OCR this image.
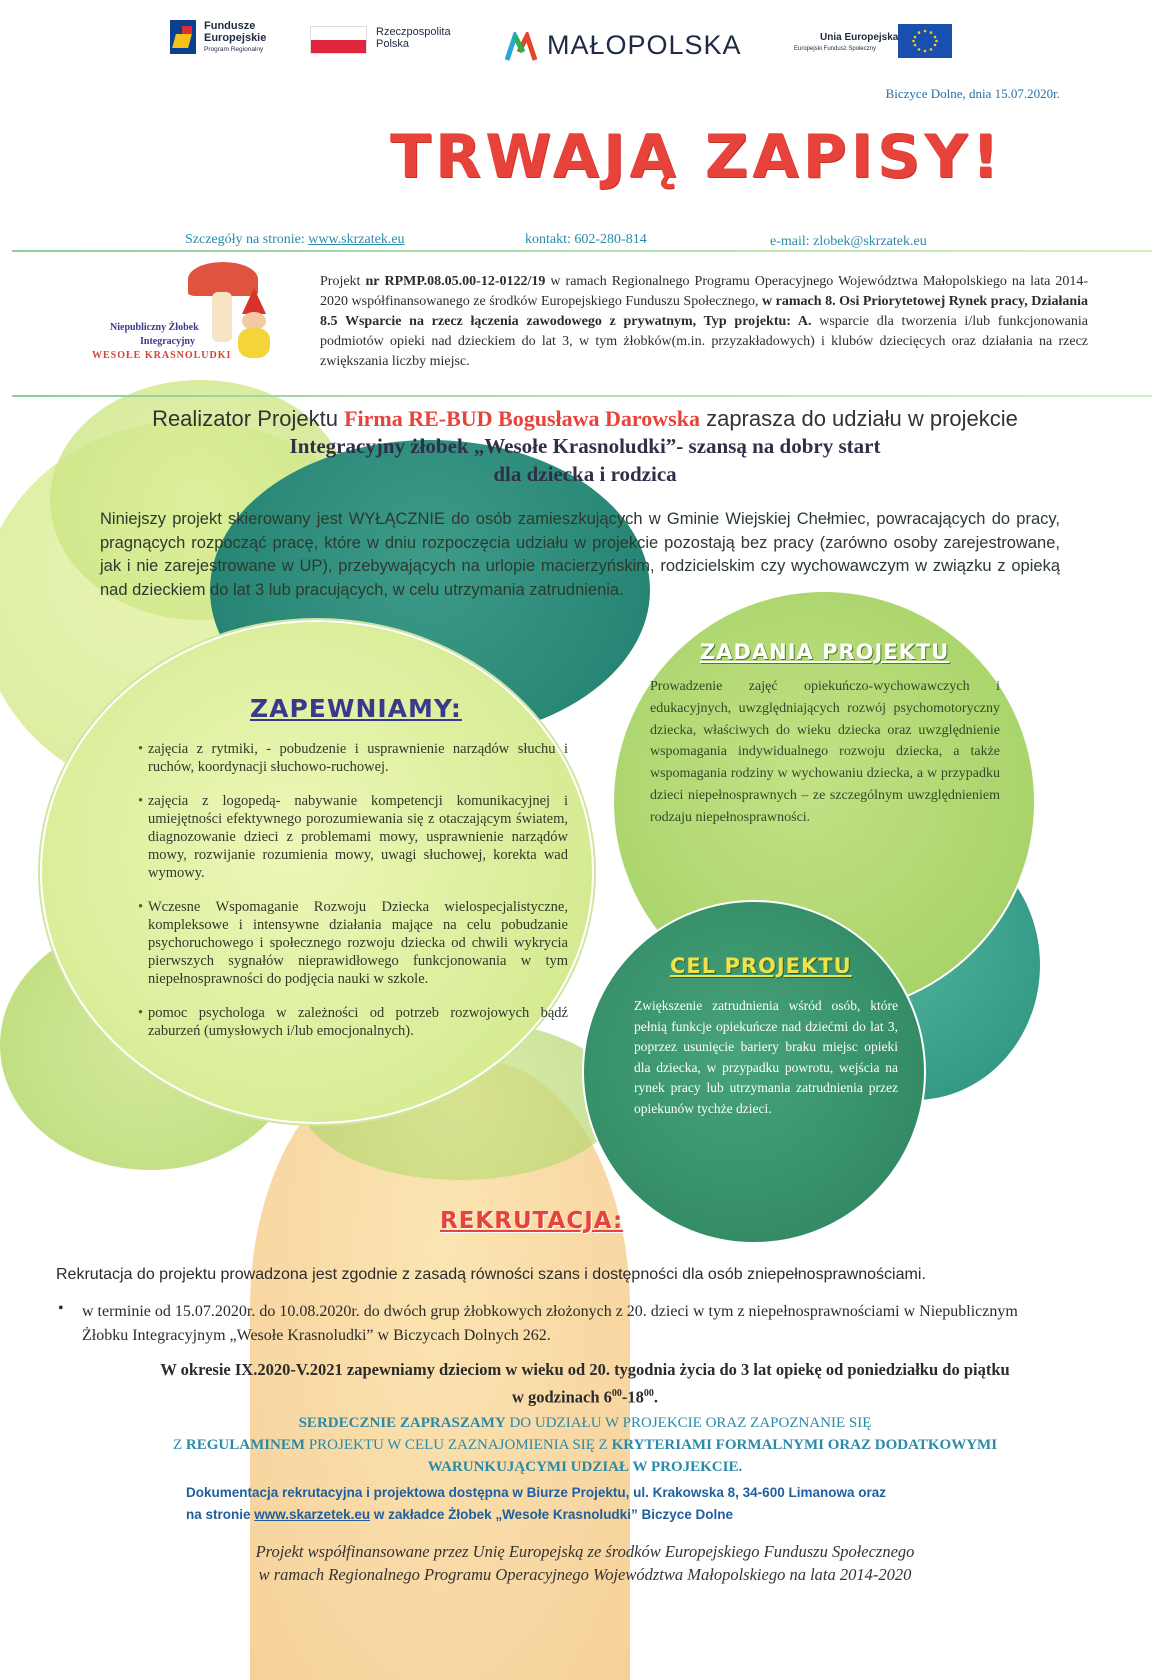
Fundusze Europejskie
Program Regionalny
Rzeczpospolita Polska	MAŁOPOLSKA	Unia Europejska
Europejski Fundusz Społeczny
Biczyce Dolne, dnia 15.07.2020r.
TRWAJĄ ZAPISY!
Szczegóły na stronie: www.skrzatek.eu	kontakt: 602-280-814	e-mail: zlobek@skrzatek.eu
Niepubliczny Żłobek
Integracyjny
WESOŁE KRASNOLUDKI
Projekt nr RPMP.08.05.00-12-0122/19 w ramach Regionalnego Programu Operacyjnego Województwa Małopolskiego na lata 2014-2020 współfinansowanego ze środków Europejskiego Funduszu Społecznego, w ramach 8. Osi Priorytetowej Rynek pracy, Działania 8.5 Wsparcie na rzecz łączenia zawodowego z prywatnym, Typ projektu: A. wsparcie dla tworzenia i/lub funkcjonowania podmiotów opieki nad dzieckiem do lat 3, w tym żłobków(m.in. przyzakładowych) i klubów dziecięcych oraz działania na rzecz zwiększania liczby miejsc.
Realizator Projektu Firma RE-BUD Bogusława Darowska zaprasza do udziału w projekcie
Integracyjny żłobek „Wesołe Krasnoludki”- szansą na dobry start
dla dziecka i rodzica
Niniejszy projekt skierowany jest WYŁĄCZNIE do osób zamieszkujących w Gminie Wiejskiej Chełmiec, powracających do pracy, pragnących rozpocząć pracę, które w dniu rozpoczęcia udziału w projekcie pozostają bez pracy (zarówno osoby zarejestrowane, jak i nie zarejestrowane w UP), przebywających na urlopie macierzyńskim, rodzicielskim czy wychowawczym w związku z opieką nad dzieckiem do lat 3 lub pracujących, w celu utrzymania zatrudnienia.
ZAPEWNIAMY:
• zajęcia z rytmiki, - pobudzenie i usprawnienie narządów słuchu i ruchów, koordynacji słuchowo-ruchowej.
• zajęcia z logopedą- nabywanie kompetencji komunikacyjnej i umiejętności efektywnego porozumiewania się z otaczającym światem, diagnozowanie dzieci z problemami mowy, usprawnienie narządów mowy, rozwijanie rozumienia mowy, uwagi słuchowej, korekta wad wymowy.
• Wczesne Wspomaganie Rozwoju Dziecka wielospecjalistyczne, kompleksowe i intensywne działania mające na celu pobudzanie psychoruchowego i społecznego rozwoju dziecka od chwili wykrycia pierwszych sygnałów nieprawidłowego funkcjonowania w tym niepełnosprawności do podjęcia nauki w szkole.
• pomoc psychologa w zależności od potrzeb rozwojowych bądź zaburzeń (umysłowych i/lub emocjonalnych).
ZADANIA PROJEKTU
Prowadzenie zajęć opiekuńczo-wychowawczych i edukacyjnych, uwzględniających rozwój psychomotoryczny dziecka, właściwych do wieku dziecka oraz uwzględnienie wspomagania indywidualnego rozwoju dziecka, a także wspomagania rodziny w wychowaniu dziecka, a w przypadku dzieci niepełnosprawnych – ze szczególnym uwzględnieniem rodzaju niepełnosprawności.
CEL PROJEKTU
Zwiększenie zatrudnienia wśród osób, które pełnią funkcje opiekuńcze nad dziećmi do lat 3, poprzez usunięcie bariery braku miejsc opieki dla dziecka, w przypadku powrotu, wejścia na rynek pracy lub utrzymania zatrudnienia przez opiekunów tychże dzieci.
REKRUTACJA:
Rekrutacja do projektu prowadzona jest zgodnie z zasadą równości szans i dostępności dla osób zniepełnosprawnościami.
• w terminie od 15.07.2020r. do 10.08.2020r. do dwóch grup żłobkowych złożonych z 20. dzieci w tym z niepełnosprawnościami w Niepublicznym Żłobku Integracyjnym „Wesołe Krasnoludki” w Biczycach Dolnych 262.
W okresie IX.2020-V.2021 zapewniamy dzieciom w wieku od 20. tygodnia życia do 3 lat opiekę od poniedziałku do piątku
w godzinach $6^{00}-18^{00}$.
SERDECZNIE ZAPRASZAMY DO UDZIAŁU W PROJEKCIE ORAZ ZAPOZNANIE SIĘ
Z REGULAMINEM PROJEKTU W CELU ZAZNAJOMIENIA SIĘ Z KRYTERIAMI FORMALNYMI ORAZ DODATKOWYMI
WARUNKUJĄCYMI UDZIAŁ W PROJEKCIE.
Dokumentacja rekrutacyjna i projektowa dostępna w Biurze Projektu, ul. Krakowska 8, 34-600 Limanowa oraz
na stronie www.skarzetek.eu w zakładce Żłobek „Wesołe Krasnoludki” Biczyce Dolne
Projekt współfinansowane przez Unię Europejską ze środków Europejskiego Funduszu Społecznego
w ramach Regionalnego Programu Operacyjnego Województwa Małopolskiego na lata 2014-2020
